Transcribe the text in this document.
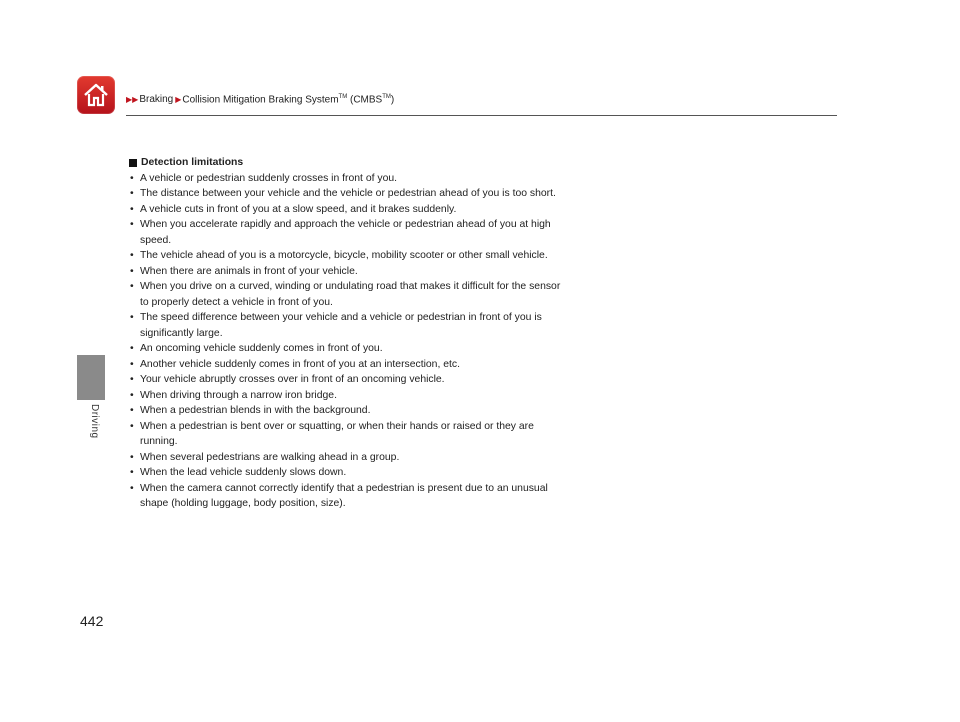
▶▶ Braking ▶ Collision Mitigation Braking System™ (CMBS™)
Driving
Detection limitations
• A vehicle or pedestrian suddenly crosses in front of you.
• The distance between your vehicle and the vehicle or pedestrian ahead of you is too short.
• A vehicle cuts in front of you at a slow speed, and it brakes suddenly.
• When you accelerate rapidly and approach the vehicle or pedestrian ahead of you at high speed.
• The vehicle ahead of you is a motorcycle, bicycle, mobility scooter or other small vehicle.
• When there are animals in front of your vehicle.
• When you drive on a curved, winding or undulating road that makes it difficult for the sensor to properly detect a vehicle in front of you.
• The speed difference between your vehicle and a vehicle or pedestrian in front of you is significantly large.
• An oncoming vehicle suddenly comes in front of you.
• Another vehicle suddenly comes in front of you at an intersection, etc.
• Your vehicle abruptly crosses over in front of an oncoming vehicle.
• When driving through a narrow iron bridge.
• When a pedestrian blends in with the background.
• When a pedestrian is bent over or squatting, or when their hands or raised or they are running.
• When several pedestrians are walking ahead in a group.
• When the lead vehicle suddenly slows down.
• When the camera cannot correctly identify that a pedestrian is present due to an unusual shape (holding luggage, body position, size).
442
